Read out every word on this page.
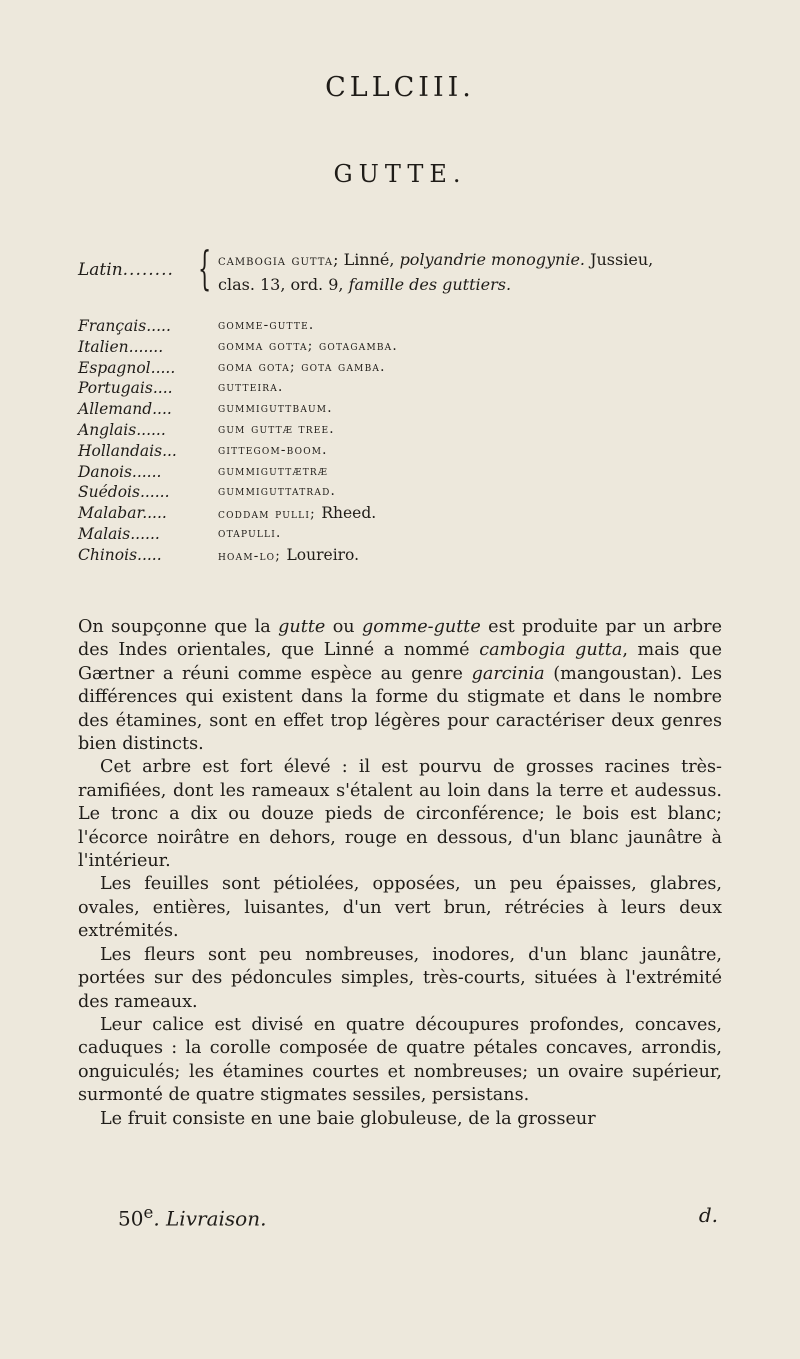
CLLCIII.
GUTTE.
Latin........ { cambogia gutta; Linné, polyandrie monogynie. Jussieu,
clas. 13, ord. 9, famille des guttiers.
Français.....	gomme-gutte.
Italien.......	gomma gotta; gotagamba.
Espagnol.....	goma gota; gota gamba.
Portugais....	gutteira.
Allemand....	gummiguttbaum.
Anglais......	gum guttæ tree.
Hollandais...	gittegom-boom.
Danois......	gummiguttætræ
Suédois......	gummiguttatrad.
Malabar.....	coddam pulli; Rheed.
Malais......	otapulli.
Chinois.....	hoam-lo; Loureiro.

On soupçonne que la gutte ou gomme-gutte est produite par un arbre des Indes orientales, que Linné a nommé cambogia gutta, mais que Gærtner a réuni comme espèce au genre garcinia (mangoustan). Les différences qui existent dans la forme du stigmate et dans le nombre des étamines, sont en effet trop légères pour caractériser deux genres bien distincts.

Cet arbre est fort élevé : il est pourvu de grosses racines très-ramifiées, dont les rameaux s'étalent au loin dans la terre et audessus. Le tronc a dix ou douze pieds de circonférence; le bois est blanc; l'écorce noirâtre en dehors, rouge en dessous, d'un blanc jaunâtre à l'intérieur.

Les feuilles sont pétiolées, opposées, un peu épaisses, glabres, ovales, entières, luisantes, d'un vert brun, rétrécies à leurs deux extrémités.

Les fleurs sont peu nombreuses, inodores, d'un blanc jaunâtre, portées sur des pédoncules simples, très-courts, situées à l'extrémité des rameaux.

Leur calice est divisé en quatre découpures profondes, concaves, caduques : la corolle composée de quatre pétales concaves, arrondis, onguiculés; les étamines courtes et nombreuses; un ovaire supérieur, surmonté de quatre stigmates sessiles, persistans.

Le fruit consiste en une baie globuleuse, de la grosseur

50e. Livraison.	d.
